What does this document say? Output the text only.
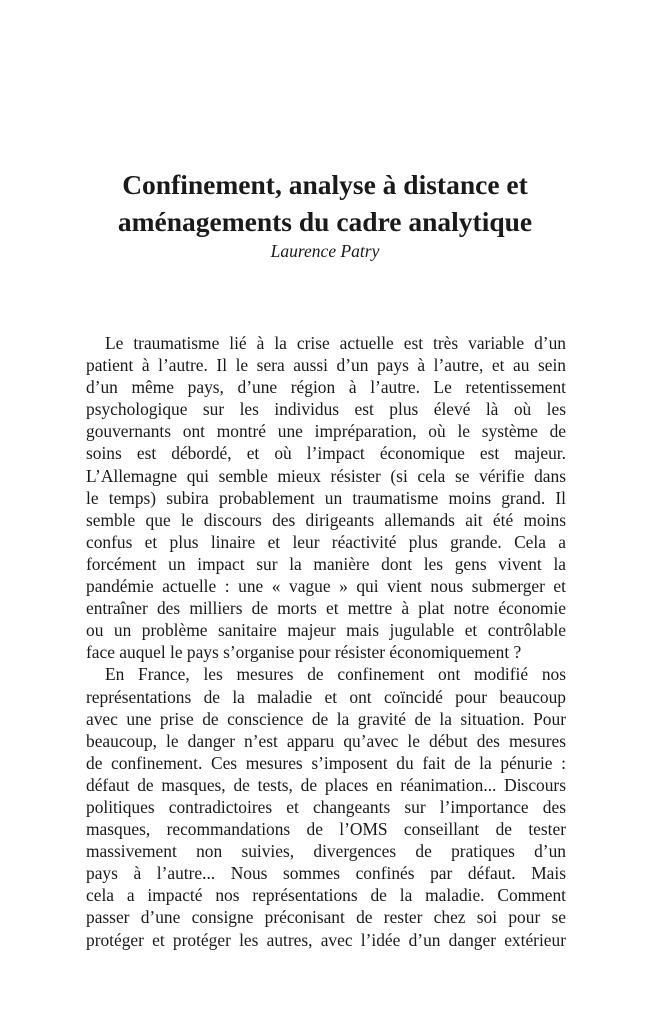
Confinement, analyse à distance et
aménagements du cadre analytique

Laurence Patry

Le traumatisme lié à la crise actuelle est très variable d’un
patient à l’autre. Il le sera aussi d’un pays à l’autre, et au sein
d’un même pays, d’une région à l’autre. Le retentissement
psychologique sur les individus est plus élevé là où les
gouvernants ont montré une impréparation, où le système de
soins est débordé, et où l’impact économique est majeur.
L’Allemagne qui semble mieux résister (si cela se vérifie dans
le temps) subira probablement un traumatisme moins grand. Il
semble que le discours des dirigeants allemands ait été moins
confus et plus linaire et leur réactivité plus grande. Cela a
forcément un impact sur la manière dont les gens vivent la
pandémie actuelle : une « vague » qui vient nous submerger et
entraîner des milliers de morts et mettre à plat notre économie
ou un problème sanitaire majeur mais jugulable et contrôlable
face auquel le pays s’organise pour résister économiquement ?

En France, les mesures de confinement ont modifié nos
représentations de la maladie et ont coïncidé pour beaucoup
avec une prise de conscience de la gravité de la situation. Pour
beaucoup, le danger n’est apparu qu’avec le début des mesures
de confinement. Ces mesures s’imposent du fait de la pénurie :
défaut de masques, de tests, de places en réanimation... Discours
politiques contradictoires et changeants sur l’importance des
masques, recommandations de l’OMS conseillant de tester
massivement non suivies, divergences de pratiques d’un
pays à l’autre... Nous sommes confinés par défaut. Mais
cela a impacté nos représentations de la maladie. Comment
passer d’une consigne préconisant de rester chez soi pour se
protéger et protéger les autres, avec l’idée d’un danger extérieur
